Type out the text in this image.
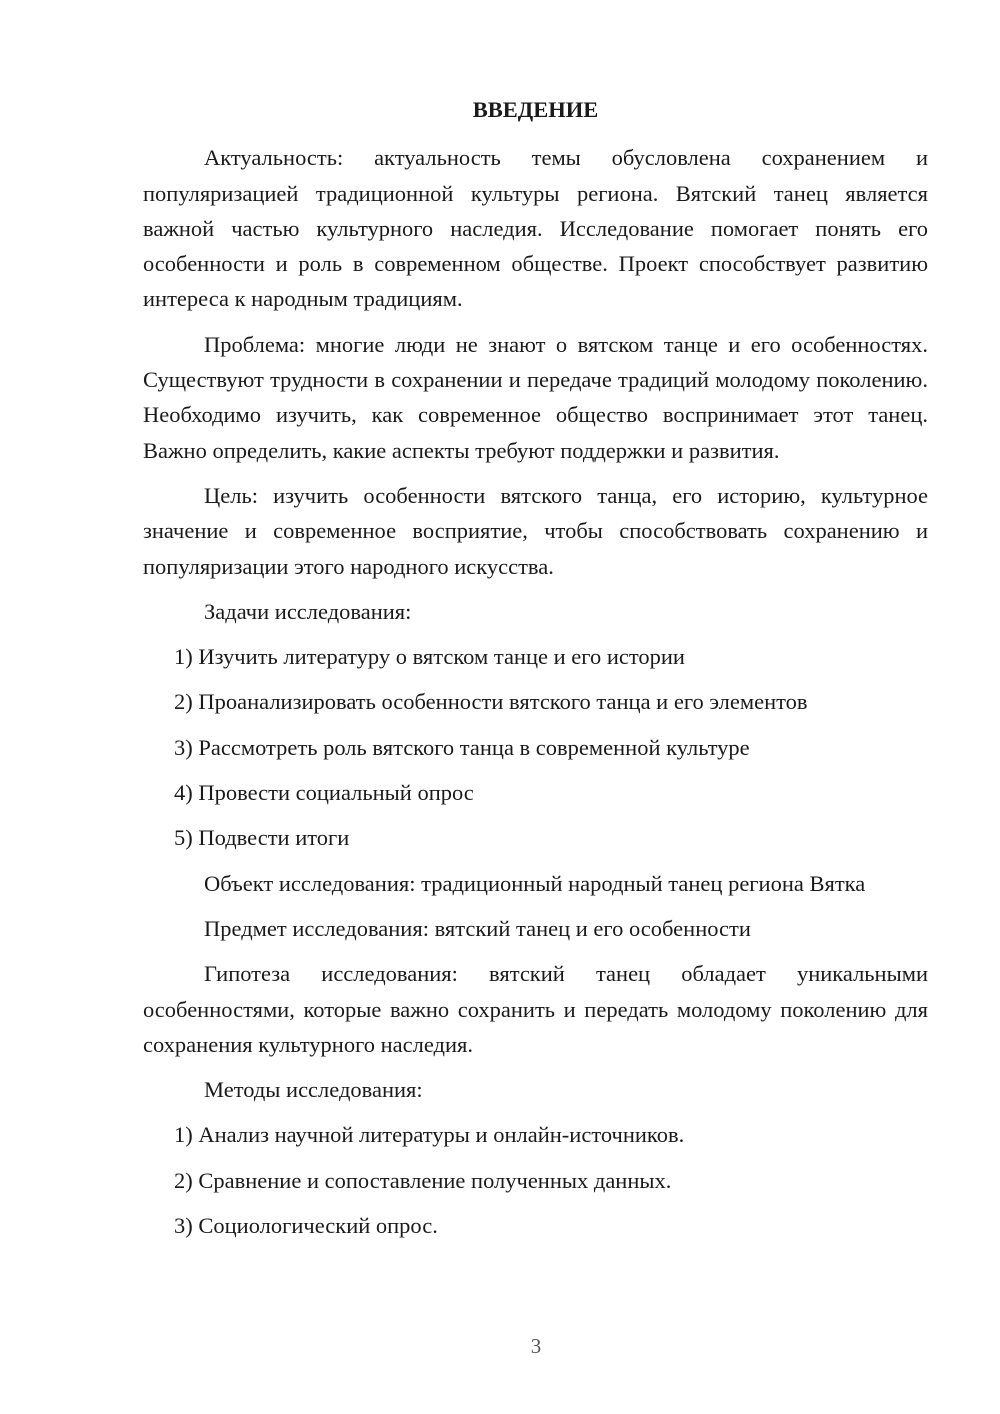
ВВЕДЕНИЕ

Актуальность: актуальность темы обусловлена сохранением и популяризацией традиционной культуры региона. Вятский танец является важной частью культурного наследия. Исследование помогает понять его особенности и роль в современном обществе. Проект способствует развитию интереса к народным традициям.

Проблема: многие люди не знают о вятском танце и его особенностях. Существуют трудности в сохранении и передаче традиций молодому поколению. Необходимо изучить, как современное общество воспринимает этот танец. Важно определить, какие аспекты требуют поддержки и развития.

Цель: изучить особенности вятского танца, его историю, культурное значение и современное восприятие, чтобы способствовать сохранению и популяризации этого народного искусства.

Задачи исследования:

1) Изучить литературу о вятском танце и его истории
2) Проанализировать особенности вятского танца и его элементов
3) Рассмотреть роль вятского танца в современной культуре
4) Провести социальный опрос
5) Подвести итоги

Объект исследования: традиционный народный танец региона Вятка

Предмет исследования: вятский танец и его особенности

Гипотеза исследования: вятский танец обладает уникальными особенностями, которые важно сохранить и передать молодому поколению для сохранения культурного наследия.

Методы исследования:

1) Анализ научной литературы и онлайн-источников.
2) Сравнение и сопоставление полученных данных.
3) Социологический опрос.
3
